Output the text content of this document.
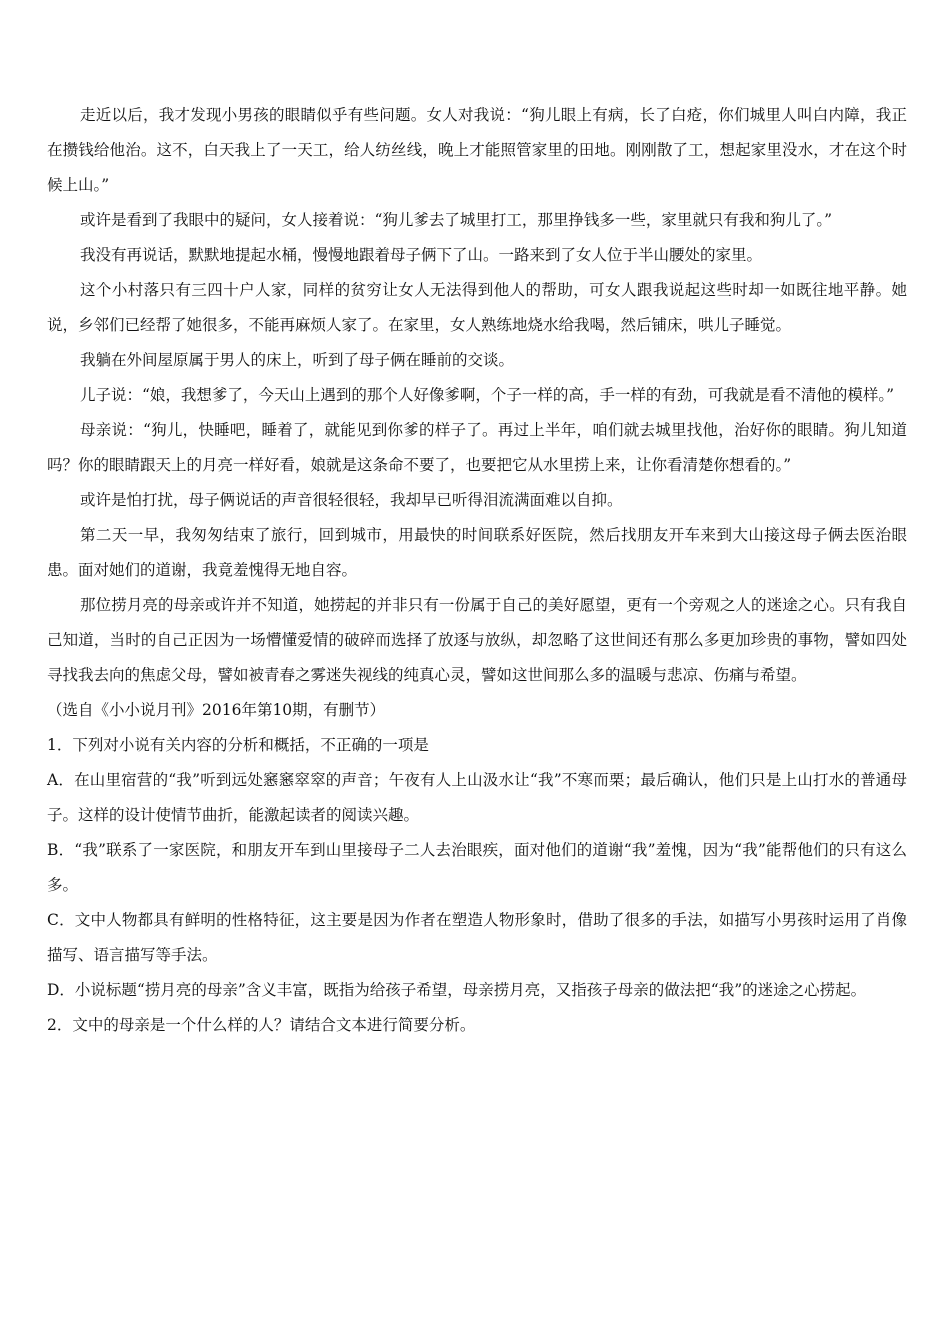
走近以后，我才发现小男孩的眼睛似乎有些问题。女人对我说：“狗儿眼上有病，长了白疮，你们城里人叫白内障，我正在攒钱给他治。这不，白天我上了一天工，给人纺丝线，晚上才能照管家里的田地。刚刚散了工，想起家里没水，才在这个时候上山。”

或许是看到了我眼中的疑问，女人接着说：“狗儿爹去了城里打工，那里挣钱多一些，家里就只有我和狗儿了。”

我没有再说话，默默地提起水桶，慢慢地跟着母子俩下了山。一路来到了女人位于半山腰处的家里。

这个小村落只有三四十户人家，同样的贫穷让女人无法得到他人的帮助，可女人跟我说起这些时却一如既往地平静。她说，乡邻们已经帮了她很多，不能再麻烦人家了。在家里，女人熟练地烧水给我喝，然后铺床，哄儿子睡觉。

我躺在外间屋原属于男人的床上，听到了母子俩在睡前的交谈。

儿子说：“娘，我想爹了，今天山上遇到的那个人好像爹啊，个子一样的高，手一样的有劲，可我就是看不清他的模样。”

母亲说：“狗儿，快睡吧，睡着了，就能见到你爹的样子了。再过上半年，咱们就去城里找他，治好你的眼睛。狗儿知道吗？你的眼睛跟天上的月亮一样好看，娘就是这条命不要了，也要把它从水里捞上来，让你看清楚你想看的。”

或许是怕打扰，母子俩说话的声音很轻很轻，我却早已听得泪流满面难以自抑。

第二天一早，我匆匆结束了旅行，回到城市，用最快的时间联系好医院，然后找朋友开车来到大山接这母子俩去医治眼患。面对她们的道谢，我竟羞愧得无地自容。

那位捞月亮的母亲或许并不知道，她捞起的并非只有一份属于自己的美好愿望，更有一个旁观之人的迷途之心。只有我自己知道，当时的自己正因为一场懵懂爱情的破碎而选择了放逐与放纵，却忽略了这世间还有那么多更加珍贵的事物，譬如四处寻找我去向的焦虑父母，譬如被青春之雾迷失视线的纯真心灵，譬如这世间那么多的温暖与悲凉、伤痛与希望。

（选自《小小说月刊》2016年第10期，有删节）

1．下列对小说有关内容的分析和概括，不正确的一项是

A．在山里宿营的“我”听到远处窸窸窣窣的声音；午夜有人上山汲水让“我”不寒而栗；最后确认，他们只是上山打水的普通母子。这样的设计使情节曲折，能激起读者的阅读兴趣。

B．“我”联系了一家医院，和朋友开车到山里接母子二人去治眼疾，面对他们的道谢“我”羞愧，因为“我”能帮他们的只有这么多。

C．文中人物都具有鲜明的性格特征，这主要是因为作者在塑造人物形象时，借助了很多的手法，如描写小男孩时运用了肖像描写、语言描写等手法。

D．小说标题“捞月亮的母亲”含义丰富，既指为给孩子希望，母亲捞月亮，又指孩子母亲的做法把“我”的迷途之心捞起。

2．文中的母亲是一个什么样的人？请结合文本进行简要分析。
